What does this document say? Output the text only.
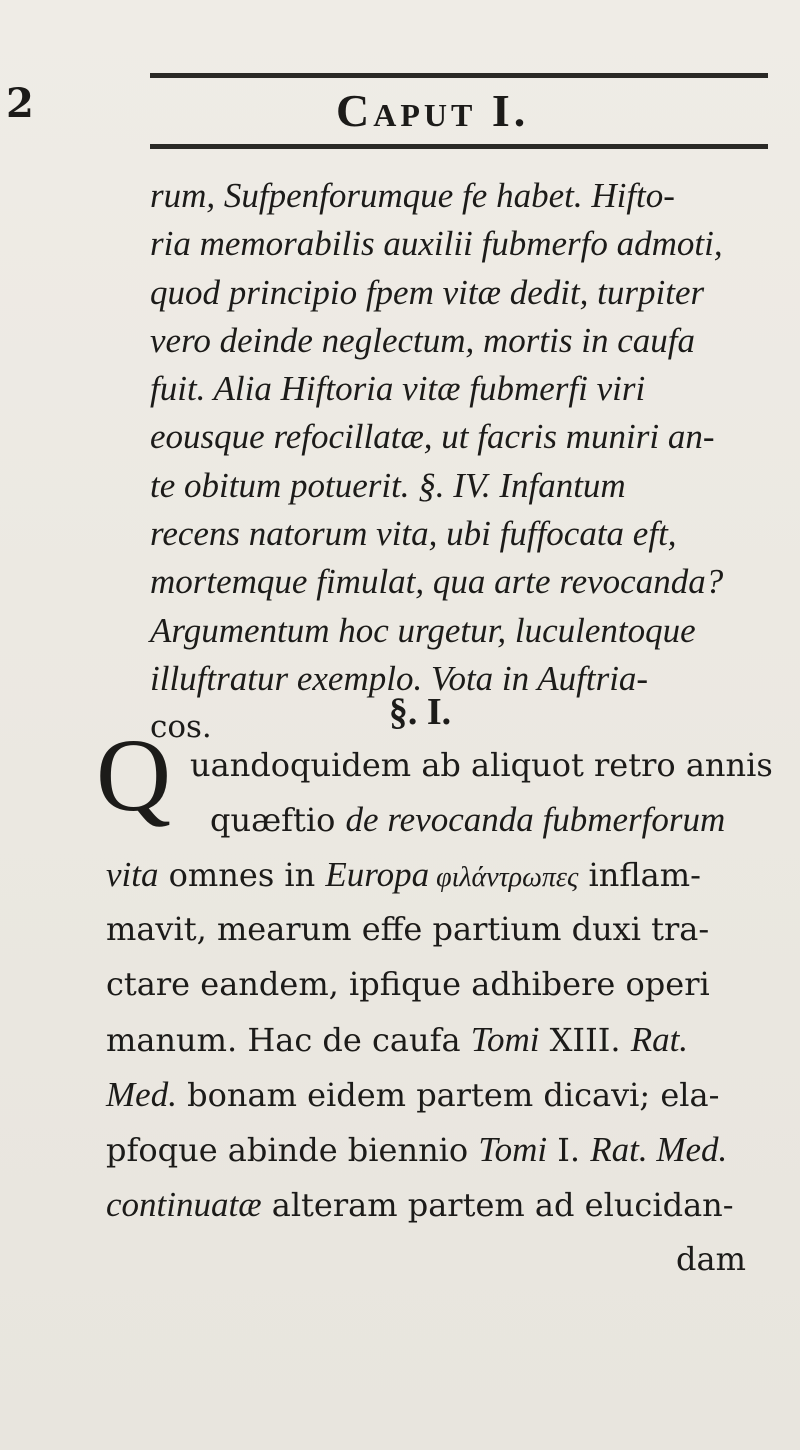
2	Caput I.
rum, Sufpenforumque fe habet. Hifto-
ria memorabilis auxilii fubmerfo admoti,
quod principio fpem vitæ dedit, turpiter
vero deinde neglectum, mortis in caufa
fuit. Alia Hiftoria vitæ fubmerfi viri
eousque refocillatæ, ut facris muniri an-
te obitum potuerit. §. IV. Infantum
recens natorum vita, ubi fuffocata eft,
mortemque fimulat, qua arte revocanda?
Argumentum hoc urgetur, luculentoque
illuftratur exemplo. Vota in Auftria-
cos.	§. I.
Q uandoquidem ab aliquot retro annis
quæftio de revocanda fubmerforum
vita omnes in Europa φιλάντρωπες inflam-
mavit, mearum effe partium duxi tra-
ctare eandem, ipfique adhibere operi
manum. Hac de caufa Tomi XIII. Rat.
Med. bonam eidem partem dicavi; ela-
pfoque abinde biennio Tomi I. Rat. Med.
continuatæ alteram partem ad elucidan-
dam
